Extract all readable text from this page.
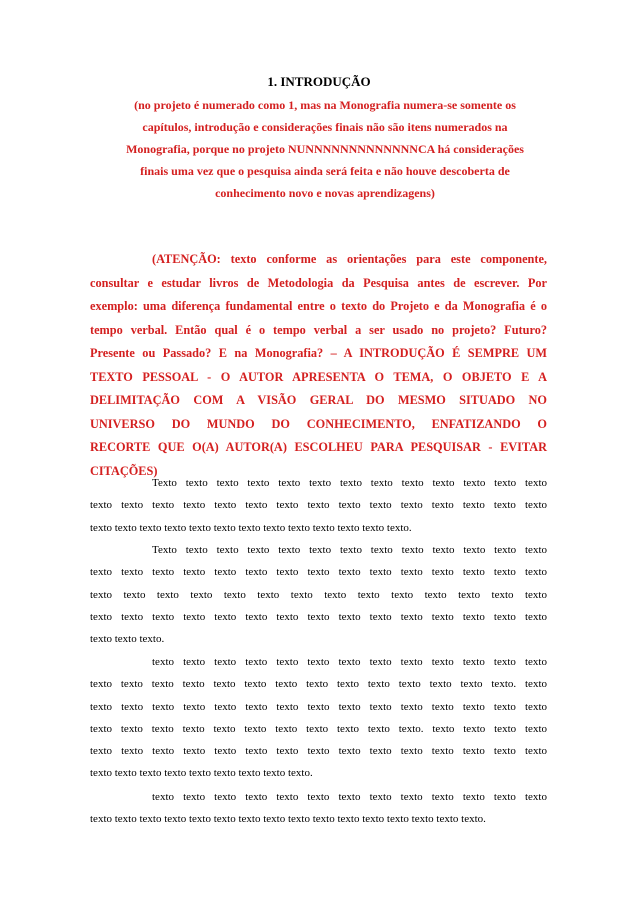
1. INTRODUÇÃO
(no projeto é numerado como 1, mas na Monografia numera-se somente os
capítulos, introdução e considerações finais não são itens numerados na
Monografia, porque no projeto NUNNNNNNNNNNNNNCA há considerações
finais uma vez que o pesquisa ainda será feita e não houve descoberta de
conhecimento novo e novas aprendizagens)
(ATENÇÃO: texto conforme as orientações para este componente,
consultar e estudar livros de Metodologia da Pesquisa antes de escrever. Por
exemplo: uma diferença fundamental entre o texto do Projeto e da Monografia é o
tempo verbal. Então qual é o tempo verbal a ser usado no projeto? Futuro?
Presente ou Passado? E na Monografia? – A INTRODUÇÃO É SEMPRE UM
TEXTO PESSOAL - O AUTOR APRESENTA O TEMA, O OBJETO E A
DELIMITAÇÃO COM A VISÃO GERAL DO MESMO SITUADO NO
UNIVERSO DO MUNDO DO CONHECIMENTO, ENFATIZANDO O
RECORTE QUE O(A) AUTOR(A) ESCOLHEU PARA PESQUISAR - EVITAR
CITAÇÕES)
Texto texto texto texto texto texto texto texto texto texto texto texto texto
texto texto texto texto texto texto texto texto texto texto texto texto texto texto texto
texto texto texto texto texto texto texto texto texto texto texto texto texto.
Texto texto texto texto texto texto texto texto texto texto texto texto texto
texto texto texto texto texto texto texto texto texto texto texto texto texto texto texto
texto texto texto texto texto texto texto texto texto texto texto texto texto texto
texto texto texto texto texto texto texto texto texto texto texto texto texto texto texto
texto texto texto.
texto texto texto texto texto texto texto texto texto texto texto texto texto
texto texto texto texto texto texto texto texto texto texto texto texto texto texto. texto
texto texto texto texto texto texto texto texto texto texto texto texto texto texto texto
texto texto texto texto texto texto texto texto texto texto texto. texto texto texto texto
texto texto texto texto texto texto texto texto texto texto texto texto texto texto texto
texto texto texto texto texto texto texto texto texto.
texto texto texto texto texto texto texto texto texto texto texto texto texto
texto texto texto texto texto texto texto texto texto texto texto texto texto texto texto texto.
